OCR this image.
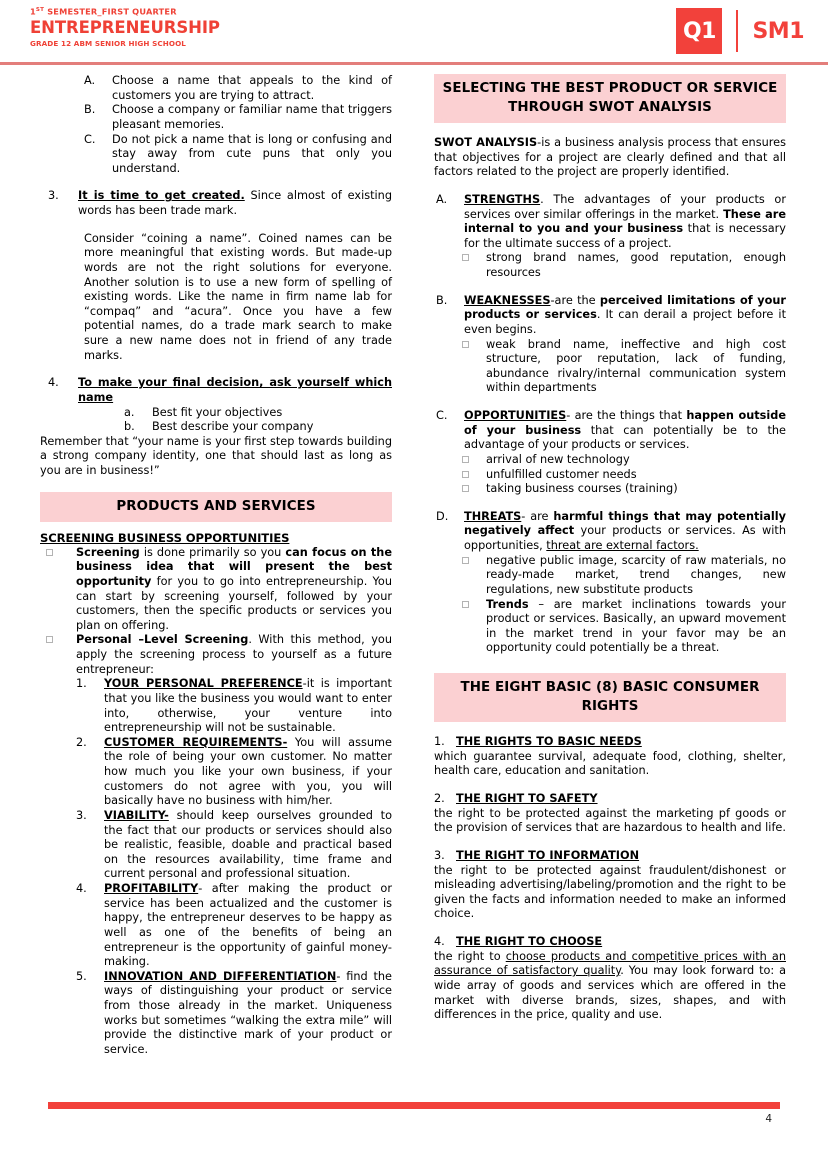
1ST SEMESTER_FIRST QUARTER
ENTREPRENEURSHIP
GRADE 12 ABM SENIOR HIGH SCHOOL
Q1 SM1
A.	Choose a name that appeals to the kind of customers you are trying to attract.
B.	Choose a company or familiar name that triggers pleasant memories.
C.	Do not pick a name that is long or confusing and stay away from cute puns that only you understand.
3.	It is time to get created. Since almost of existing words has been trade mark.
Consider “coining a name”. Coined names can be more meaningful that existing words. But made-up words are not the right solutions for everyone. Another solution is to use a new form of spelling of existing words. Like the name in firm name lab for “compaq” and “acura”. Once you have a few potential names, do a trade mark search to make sure a new name does not in friend of any trade marks.
4.	To make your final decision, ask yourself which name
a.	Best fit your objectives
b.	Best describe your company
Remember that “your name is your first step towards building a strong company identity, one that should last as long as you are in business!”
PRODUCTS AND SERVICES
SCREENING BUSINESS OPPORTUNITIES
Screening is done primarily so you can focus on the business idea that will present the best opportunity for you to go into entrepreneurship. You can start by screening yourself, followed by your customers, then the specific products or services you plan on offering.
Personal –Level Screening. With this method, you apply the screening process to yourself as a future entrepreneur:
1.	YOUR PERSONAL PREFERENCE-it is important that you like the business you would want to enter into, otherwise, your venture into entrepreneurship will not be sustainable.
2.	CUSTOMER REQUIREMENTS- You will assume the role of being your own customer. No matter how much you like your own business, if your customers do not agree with you, you will basically have no business with him/her.
3.	VIABILITY- should keep ourselves grounded to the fact that our products or services should also be realistic, feasible, doable and practical based on the resources availability, time frame and current personal and professional situation.
4.	PROFITABILITY- after making the product or service has been actualized and the customer is happy, the entrepreneur deserves to be happy as well as one of the benefits of being an entrepreneur is the opportunity of gainful money-making.
5.	INNOVATION AND DIFFERENTIATION- find the ways of distinguishing your product or service from those already in the market. Uniqueness works but sometimes “walking the extra mile” will provide the distinctive mark of your product or service.
SELECTING THE BEST PRODUCT OR SERVICE THROUGH SWOT ANALYSIS
SWOT ANALYSIS-is a business analysis process that ensures that objectives for a project are clearly defined and that all factors related to the project are properly identified.
A.	STRENGTHS. The advantages of your products or services over similar offerings in the market. These are internal to you and your business that is necessary for the ultimate success of a project.
strong brand names, good reputation, enough resources
B.	WEAKNESSES-are the perceived limitations of your products or services. It can derail a project before it even begins.
weak brand name, ineffective and high cost structure, poor reputation, lack of funding, abundance rivalry/internal communication system within departments
C.	OPPORTUNITIES- are the things that happen outside of your business that can potentially be to the advantage of your products or services.
arrival of new technology
unfulfilled customer needs
taking business courses (training)
D.	THREATS- are harmful things that may potentially negatively affect your products or services. As with opportunities, threat are external factors.
negative public image, scarcity of raw materials, no ready-made market, trend changes, new regulations, new substitute products
Trends – are market inclinations towards your product or services. Basically, an upward movement in the market trend in your favor may be an opportunity could potentially be a threat.
THE EIGHT BASIC (8) BASIC CONSUMER RIGHTS
1. THE RIGHTS TO BASIC NEEDS
which guarantee survival, adequate food, clothing, shelter, health care, education and sanitation.
2. THE RIGHT TO SAFETY
the right to be protected against the marketing pf goods or the provision of services that are hazardous to health and life.
3. THE RIGHT TO INFORMATION
the right to be protected against fraudulent/dishonest or misleading advertising/labeling/promotion and the right to be given the facts and information needed to make an informed choice.
4. THE RIGHT TO CHOOSE
the right to choose products and competitive prices with an assurance of satisfactory quality. You may look forward to: a wide array of goods and services which are offered in the market with diverse brands, sizes, shapes, and with differences in the price, quality and use.
4
